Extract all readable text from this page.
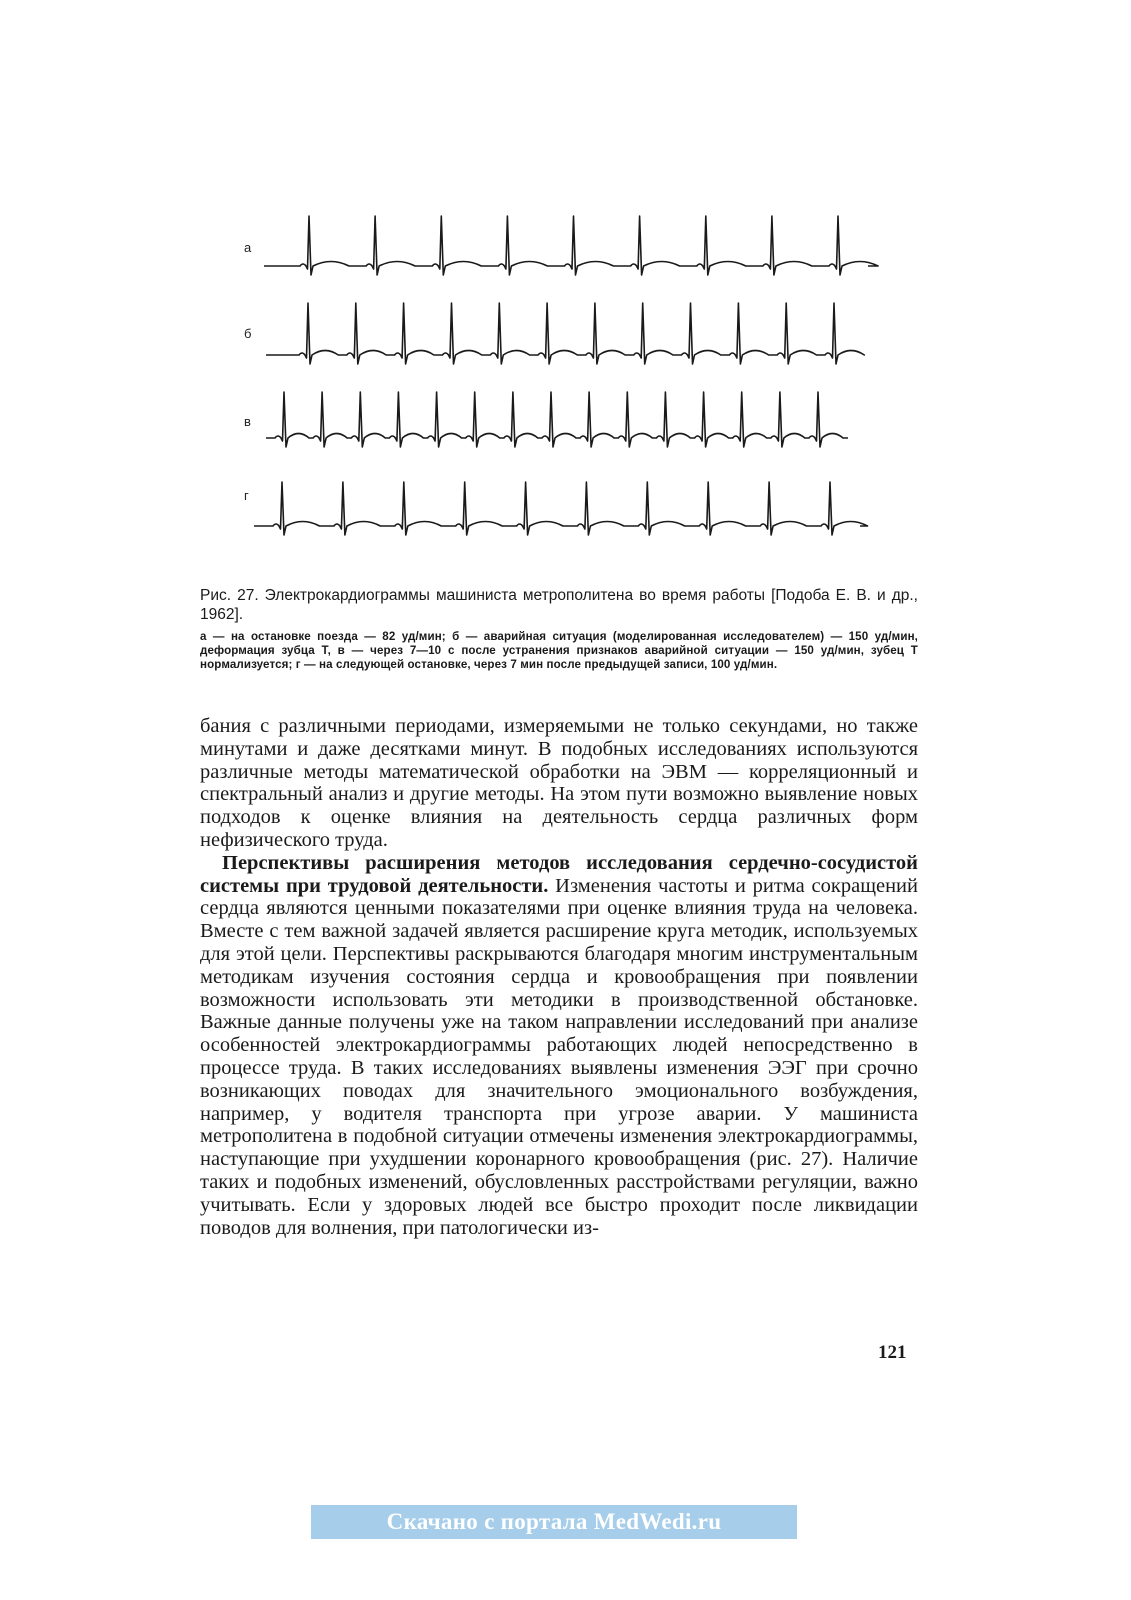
а
б
в
г

Рис. 27. Электрокардиограммы машиниста метрополитена во время работы [Подоба Е. В. и др., 1962].

а — на остановке поезда — 82 уд/мин; б — аварийная ситуация (моделированная исследователем) — 150 уд/мин, деформация зубца Т, в — через 7—10 с после устранения признаков аварийной ситуации — 150 уд/мин, зубец Т нормализуется; г — на следующей остановке, через 7 мин после предыдущей записи, 100 уд/мин.

бания с различными периодами, измеряемыми не только секундами, но также минутами и даже десятками минут. В подобных исследованиях используются различные методы математической обработки на ЭВМ — корреляционный и спектральный анализ и другие методы. На этом пути возможно выявление новых подходов к оценке влияния на деятельность сердца различных форм нефизического труда.

Перспективы расширения методов исследования сердечно-сосудистой системы при трудовой деятельности. Изменения частоты и ритма сокращений сердца являются ценными показателями при оценке влияния труда на человека. Вместе с тем важной задачей является расширение круга методик, используемых для этой цели. Перспективы раскрываются благодаря многим инструментальным методикам изучения состояния сердца и кровообращения при появлении возможности использовать эти методики в производственной обстановке. Важные данные получены уже на таком направлении исследований при анализе особенностей электрокардиограммы работающих людей непосредственно в процессе труда. В таких исследованиях выявлены изменения ЭЭГ при срочно возникающих поводах для значительного эмоционального возбуждения, например, у водителя транспорта при угрозе аварии. У машиниста метрополитена в подобной ситуации отмечены изменения электрокардиограммы, наступающие при ухудшении коронарного кровообращения (рис. 27). Наличие таких и подобных изменений, обусловленных расстройствами регуляции, важно учитывать. Если у здоровых людей все быстро проходит после ликвидации поводов для волнения, при патологически из-

121
Скачано с портала MedWedi.ru
